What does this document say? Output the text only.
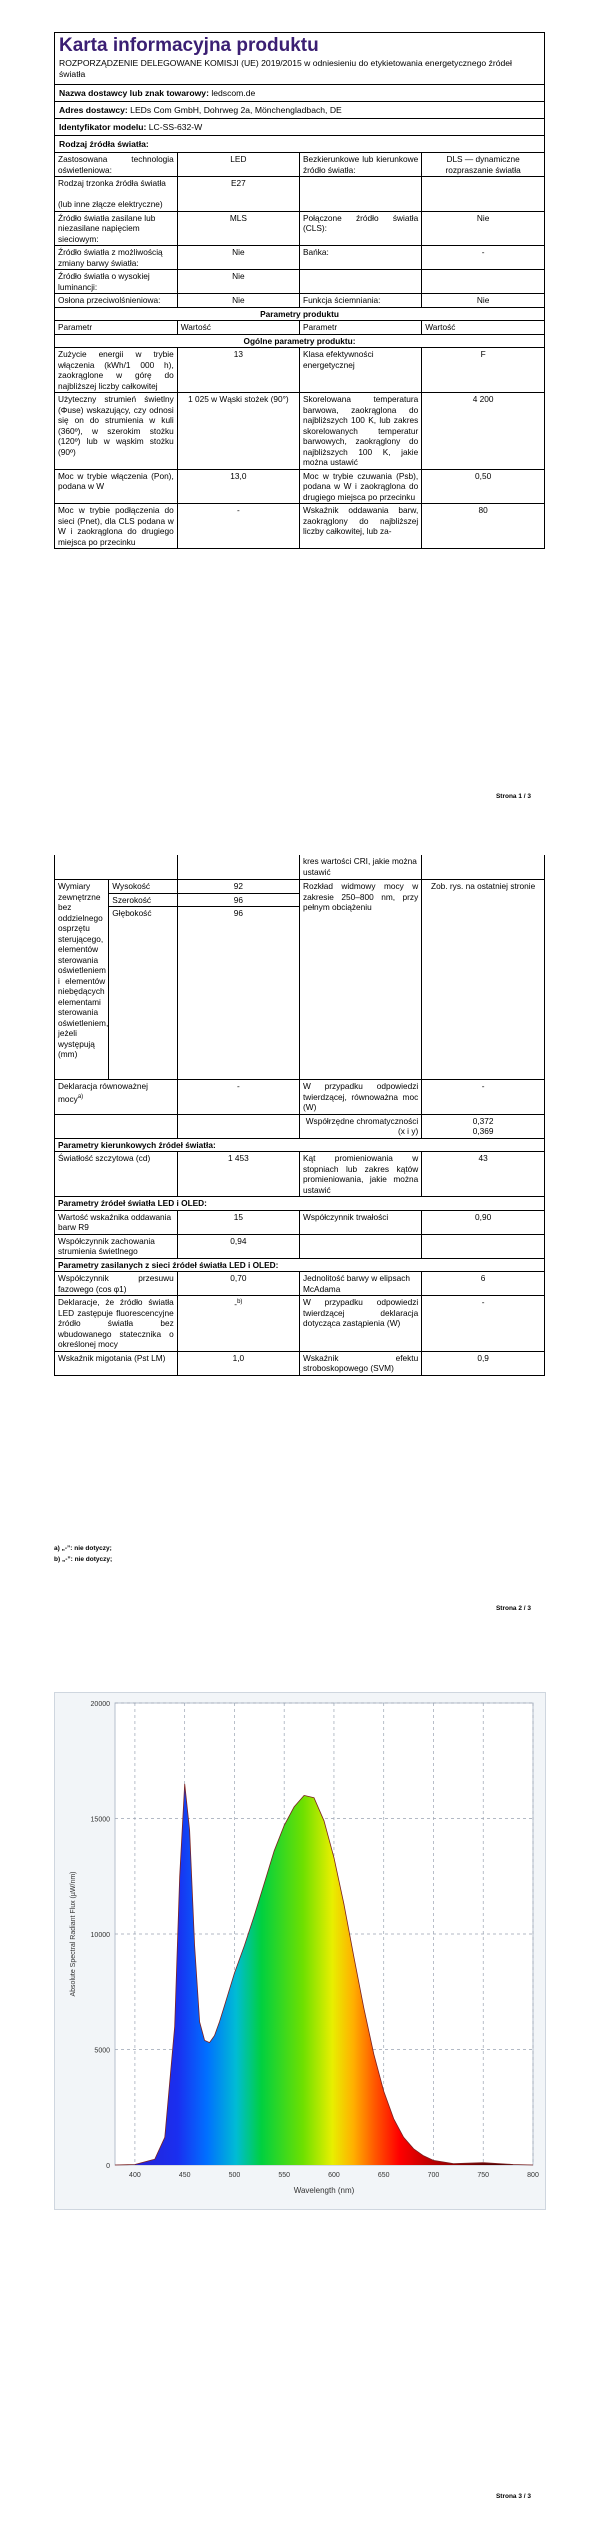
Karta informacyjna produktu
ROZPORZĄDZENIE DELEGOWANE KOMISJI (UE) 2019/2015 w odniesieniu do etykietowania energetycznego źródeł światła
Nazwa dostawcy lub znak towarowy: ledscom.de
Adres dostawcy: LEDs Com GmbH, Dohrweg 2a, Mönchengladbach, DE
Identyfikator modelu: LC-SS-632-W
Rodzaj źródła światła:
Zastosowana technologia oświetleniowa:	LED	Bezkierunkowe lub kierunkowe źródło światła:	DLS — dynamiczne rozpraszanie światła
Rodzaj trzonka źródła światła

(lub inne złącze elektryczne)	E27		
Źródło światła zasilane lub niezasilane napięciem sieciowym:	MLS	Połączone źródło światła (CLS):	Nie
Źródło światła z możliwością zmiany barwy światła:	Nie	Bańka:	-
Źródło światła o wysokiej luminancji:	Nie		
Osłona przeciwolśnieniowa:	Nie	Funkcja ściemniania:	Nie
Parametry produktu			
Parametr	Wartość	Parametr	Wartość
Ogólne parametry produktu:			
Zużycie energii w trybie włączenia (kWh/1 000 h), zaokrąglone w górę do najbliższej liczby całkowitej	13	Klasa efektywności energetycznej	F
Użyteczny strumień świetlny (Φuse) wskazujący, czy odnosi się on do strumienia w kuli (360º), w szerokim stożku (120º) lub w wąskim stożku (90º)	1 025 w Wąski stożek (90°)	Skorelowana temperatura barwowa, zaokrąglona do najbliższych 100 K, lub zakres skorelowanych temperatur barwowych, zaokrąglony do najbliższych 100 K, jakie można ustawić	4 200
Moc w trybie włączenia (Pon), podana w W	13,0	Moc w trybie czuwania (Psb), podana w W i zaokrąglona do drugiego miejsca po przecinku	0,50
Moc w trybie podłączenia do sieci (Pnet), dla CLS podana w W i zaokrąglona do drugiego miejsca po przecinku	-	Wskaźnik oddawania barw, zaokrąglony do najbliższej liczby całkowitej, lub za-	80
Strona 1 / 3
			kres wartości CRI, jakie można ustawić	
Wymiary zewnętrzne bez oddzielnego osprzętu sterującego, elementów sterowania oświetleniem i elementów niebędących elementami sterowania oświetleniem, jeżeli występują (mm)	Wysokość	92	Rozkład widmowy mocy w zakresie 250–800 nm, przy pełnym obciążeniu	Zob. rys. na ostatniej stronie
	Szerokość	96		
	Głębokość	96		
Deklaracja równoważnej mocy$^{a)}$		-	W przypadku odpowiedzi twierdzącej, równoważna moc (W)	-
			Współrzędne chromatyczności (x i y)	0,372
0,369
Parametry kierunkowych źródeł światła:				
Światłość szczytowa (cd)		1 453	Kąt promieniowania w stopniach lub zakres kątów promieniowania, jakie można ustawić	43
Parametry źródeł światła LED i OLED:				
Wartość wskaźnika oddawania barw R9		15	Współczynnik trwałości	0,90
Współczynnik zachowania strumienia świetlnego		0,94		
Parametry zasilanych z sieci źródeł światła LED i OLED:				
Współczynnik przesuwu fazowego (cos φ1)		0,70	Jednolitość barwy w elipsach McAdama	6
Deklaracje, że źródło światła LED zastępuje fluorescencyjne źródło światła bez wbudowanego statecznika o określonej mocy		-$^{b)}$	W przypadku odpowiedzi twierdzącej deklaracja dotycząca zastąpienia (W)	-
Wskaźnik migotania (Pst LM)		1,0	Wskaźnik efektu stroboskopowego (SVM)	0,9
a) „-”: nie dotyczy;
b) „-”: nie dotyczy;
Strona 2 / 3
400	450	500	550	600	650	700	750	800
0
5000
10000
15000
20000
Wavelength (nm)
Absolute Spectral Radiant Flux (µW/nm)
Strona 3 / 3
